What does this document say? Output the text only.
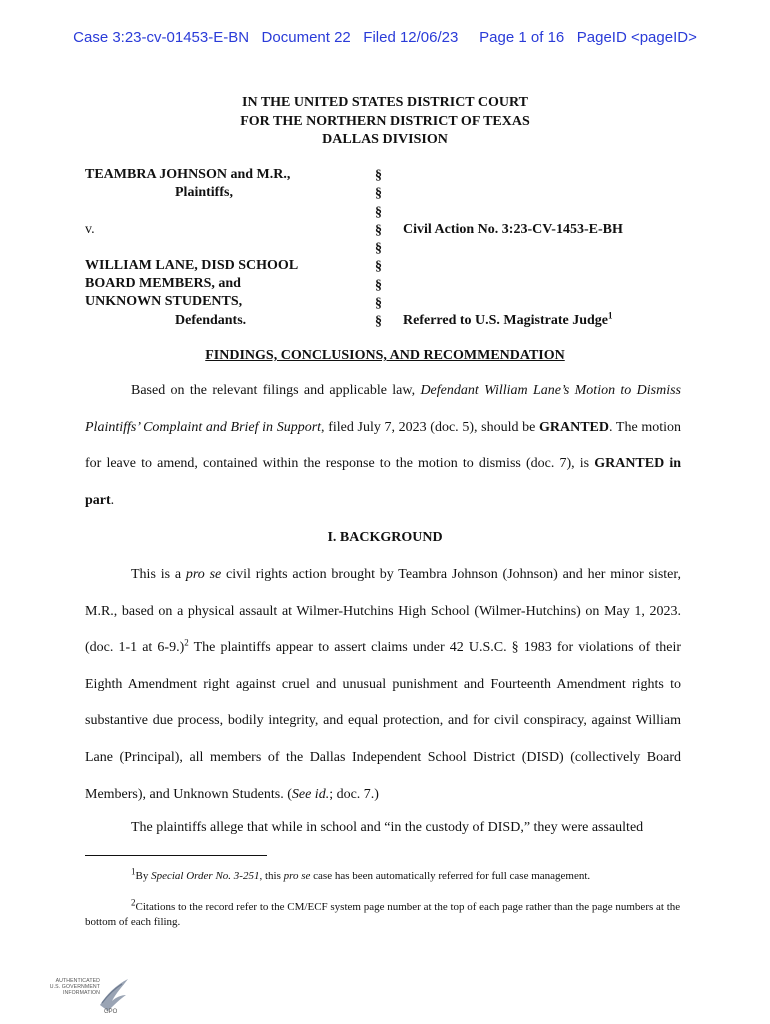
Case 3:23-cv-01453-E-BN   Document 22   Filed 12/06/23     Page 1 of 16   PageID <pageID>
IN THE UNITED STATES DISTRICT COURT
FOR THE NORTHERN DISTRICT OF TEXAS
DALLAS DIVISION
TEAMBRA JOHNSON and M.R.,
Plaintiffs,
v.
WILLIAM LANE, DISD SCHOOL
BOARD MEMBERS, and
UNKNOWN STUDENTS,
Defendants.
§
§
§
§
§
§
§
§
§
Civil Action No. 3:23-CV-1453-E-BH
Referred to U.S. Magistrate Judge$^1$
FINDINGS, CONCLUSIONS, AND RECOMMENDATION
Based on the relevant filings and applicable law, Defendant William Lane’s Motion to Dismiss Plaintiffs’ Complaint and Brief in Support, filed July 7, 2023 (doc. 5), should be GRANTED. The motion for leave to amend, contained within the response to the motion to dismiss (doc. 7), is GRANTED in part.
I. BACKGROUND
This is a pro se civil rights action brought by Teambra Johnson (Johnson) and her minor sister, M.R., based on a physical assault at Wilmer-Hutchins High School (Wilmer-Hutchins) on May 1, 2023. (doc. 1-1 at 6-9.)$^2$ The plaintiffs appear to assert claims under 42 U.S.C. § 1983 for violations of their Eighth Amendment right against cruel and unusual punishment and Fourteenth Amendment rights to substantive due process, bodily integrity, and equal protection, and for civil conspiracy, against William Lane (Principal), all members of the Dallas Independent School District (DISD) (collectively Board Members), and Unknown Students. (See id.; doc. 7.)
The plaintiffs allege that while in school and “in the custody of DISD,” they were assaulted
$^1$By Special Order No. 3-251, this pro se case has been automatically referred for full case management.
$^2$Citations to the record refer to the CM/ECF system page number at the top of each page rather than the page numbers at the bottom of each filing.
AUTHENTICATED
U.S. GOVERNMENT
INFORMATION
GPO
